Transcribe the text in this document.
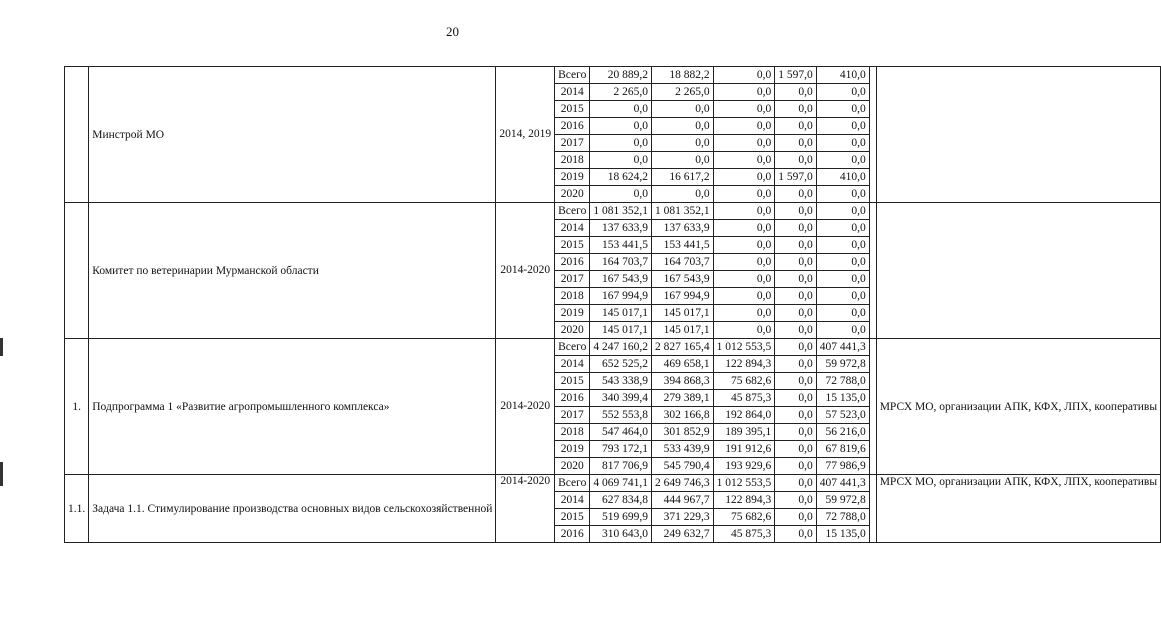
20
	Минстрой МО	2014, 2019	Всего	20 889,2	18 882,2	0,0	1 597,0	410,0		
			2014	2 265,0	2 265,0	0,0	0,0	0,0		
			2015	0,0	0,0	0,0	0,0	0,0		
			2016	0,0	0,0	0,0	0,0	0,0		
			2017	0,0	0,0	0,0	0,0	0,0		
			2018	0,0	0,0	0,0	0,0	0,0		
			2019	18 624,2	16 617,2	0,0	1 597,0	410,0		
			2020	0,0	0,0	0,0	0,0	0,0		
	Комитет по ветеринарии Мурманской области	2014-2020	Всего	1 081 352,1	1 081 352,1	0,0	0,0	0,0		
			2014	137 633,9	137 633,9	0,0	0,0	0,0		
			2015	153 441,5	153 441,5	0,0	0,0	0,0		
			2016	164 703,7	164 703,7	0,0	0,0	0,0		
			2017	167 543,9	167 543,9	0,0	0,0	0,0		
			2018	167 994,9	167 994,9	0,0	0,0	0,0		
			2019	145 017,1	145 017,1	0,0	0,0	0,0		
			2020	145 017,1	145 017,1	0,0	0,0	0,0		
1.	Подпрограмма 1 «Развитие агропромышленного комплекса»	2014-2020	Всего	4 247 160,2	2 827 165,4	1 012 553,5	0,0	407 441,3		МРСХ МО, организации АПК, КФХ, ЛПХ, кооперативы
			2014	652 525,2	469 658,1	122 894,3	0,0	59 972,8		
			2015	543 338,9	394 868,3	75 682,6	0,0	72 788,0		
			2016	340 399,4	279 389,1	45 875,3	0,0	15 135,0		
			2017	552 553,8	302 166,8	192 864,0	0,0	57 523,0		
			2018	547 464,0	301 852,9	189 395,1	0,0	56 216,0		
			2019	793 172,1	533 439,9	191 912,6	0,0	67 819,6		
			2020	817 706,9	545 790,4	193 929,6	0,0	77 986,9		
1.1.	Задача 1.1. Стимулирование производства основных видов сельскохозяйственной	2014-2020	Всего	4 069 741,1	2 649 746,3	1 012 553,5	0,0	407 441,3		МРСХ МО, организации АПК, КФХ, ЛПХ, кооперативы
			2014	627 834,8	444 967,7	122 894,3	0,0	59 972,8		
			2015	519 699,9	371 229,3	75 682,6	0,0	72 788,0		
			2016	310 643,0	249 632,7	45 875,3	0,0	15 135,0		
